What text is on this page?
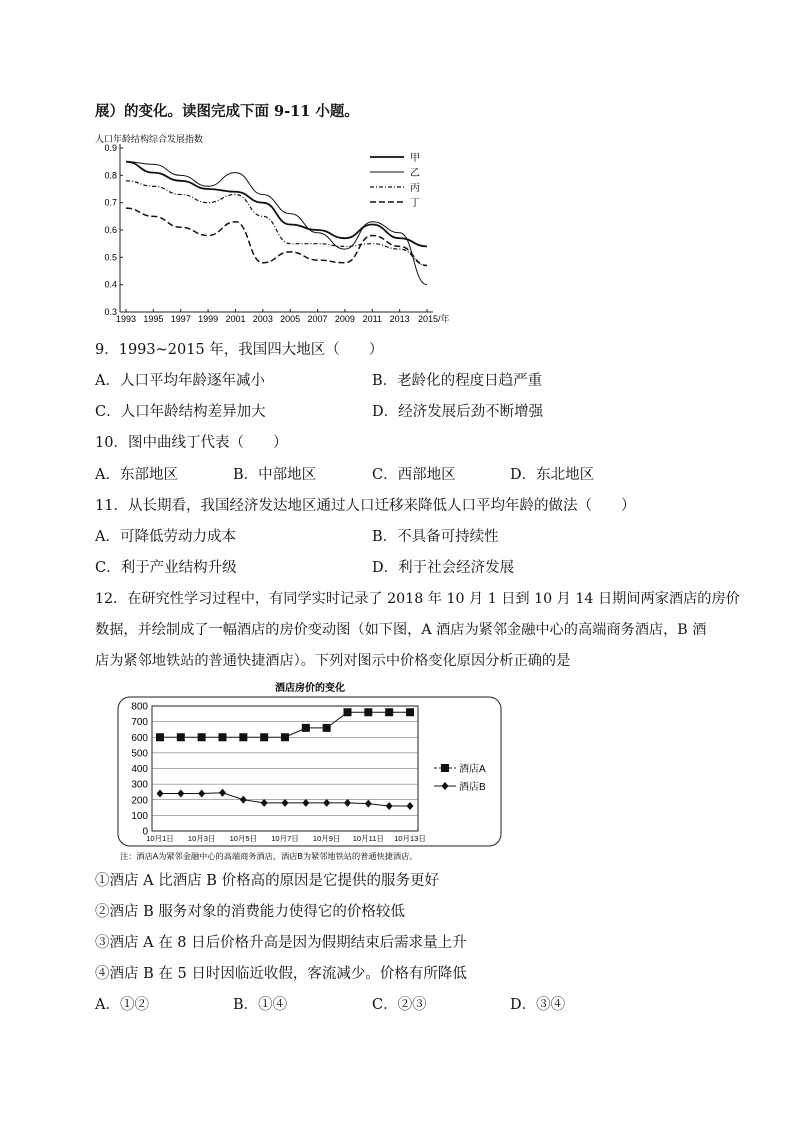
展）的变化。读图完成下面 9-11 小题。
人口年龄结构综合发展指数
0.9
0.8
0.7
0.6
0.5
0.4
0.3
1993 1995 1997 1999 2001 2003 2005 2007 2009 2011 2013 2015/年
甲
乙
丙
丁
9．1993~2015 年，我国四大地区（　　）
A．人口平均年龄逐年减小	B．老龄化的程度日趋严重
C．人口年龄结构差异加大	D．经济发展后劲不断增强
10．图中曲线丁代表（　　）
A．东部地区	B．中部地区	C．西部地区	D．东北地区
11．从长期看，我国经济发达地区通过人口迁移来降低人口平均年龄的做法（　　）
A．可降低劳动力成本	B．不具备可持续性
C．利于产业结构升级	D．利于社会经济发展
12．在研究性学习过程中，有同学实时记录了 2018 年 10 月 1 日到 10 月 14 日期间两家酒店的房价
数据，并绘制成了一幅酒店的房价变动图（如下图，A 酒店为紧邻金融中心的高端商务酒店，B 酒
店为紧邻地铁站的普通快捷酒店）。下列对图示中价格变化原因分析正确的是
酒店房价的变化
800
700
600
500
400
300
200
100
0
10月1日 10月3日 10月5日 10月7日 10月9日 10月11日 10月13日
酒店A
酒店B
注：酒店A为紧邻金融中心的高端商务酒店，酒店B为紧邻地铁站的普通快捷酒店。
①酒店 A 比酒店 B 价格高的原因是它提供的服务更好
②酒店 B 服务对象的消费能力使得它的价格较低
③酒店 A 在 8 日后价格升高是因为假期结束后需求量上升
④酒店 B 在 5 日时因临近收假，客流减少。价格有所降低
A．①②	B．①④	C．②③	D．③④
